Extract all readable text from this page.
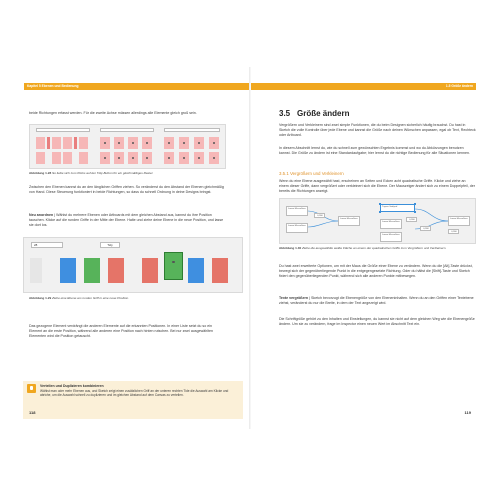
Kapitel 5 Ebenen und Bedienung
beide Richtungen erfasst werden. Für die zweite Achse müssen allerdings alle Elemente gleich groß sein.
Abbildung 1.28 So ließe sich zum Klicks auf der Tidy-Button für ein gleichmäßiges Raster
Zwischen den Ebenen kannst du an den länglichen Griffen ziehen. So veränderst du den Abstand der Ebenen gleichmäßig von Hand. Diese Steuerung funktioniert in beide Richtungen, so dass du schnell Ordnung in deine Designs bringst.
Neu anordnen | Wählst du mehrere Ebenen oder Artboards mit dem gleichen Abstand aus, kannst du ihre Position tauschen. Klicke auf die runden Griffe in der Mitte der Ebene. Halte und ziehe deine Ebene in die neue Position, und lasse sie dort los.
28	Tidy
Abbildung 1.29 Ziehe eine Ebene am runden Griff in eine neue Position.
Das gezogene Element verdrängt die anderen Elemente auf die erkannten Positionen. In einer Liste setzt du so ein Element an die erste Position, während alle anderen eine Position nach hinten rutschen. Bei nur zwei ausgewählten Elementen wird die Position getauscht.
Verteilen und Duplizieren kombinieren
Wählst man oder mehr Ebenen aus, und Sketch zeigt einen zusätzlichen Griff an der unteren rechten Tide die Auswahl am Klicke und abriche, um die Auswahl schnell zu duplizieren und im gleichen Abstand auf dem Canvas zu verteilen.
118
1.5 Größe ändern
3.5 Größe ändern
Vergrößern und Verkleinern sind zwei simple Funktionen, die du beim Designen sicherlich häufig brauchst. Du hast in Sketch die volle Kontrolle über jede Ebene und kannst die Größe nach deinen Wünschen anpassen, egal ob Text, Rechteck oder Artboard.
In diesem Abschnitt lernst du, wie du schnell zum gewünschten Ergebnis kommst und wo du Abkürzungen benutzen kannst. Die Größe zu ändern ist eine Standardaufgabe; hier lernst du die richtige Bedienung für alle Situationen kennen.
3.5.1 Vergrößern und Verkleinern
Wenn du eine Ebene ausgewählt hast, erscheinen an Seiten und Ecken acht quadratische Griffe. Klicke und ziehe an einem dieser Griffe, dann vergrößert oder verkleinert sich die Ebene. Der Mauszeiger ändert sich zu einem Doppelpfeil, der bereits die Richtungen anzeigt.
Lorem Maccellens
Lorem Maccellens
0,900
Lorem Maccellens
Tuyere Sadipcd
Lorem Maccellens
0,900
Lorem Maccellens
0,900
Lorem Maccellens
0,900
Abbildung 1.30 Ziehe die ausgewählte weiße Fläche an einem der quadratischen Griffe zum Vergrößern und Verkleinern.
Du hast zwei erweiterte Optionen, um mit der Maus die Größe einer Ebene zu verändern. Wenn du die [Alt]-Taste drückst, bewegt sich der gegenüberliegende Punkt in die entgegengesetzte Richtung. Oder du hältst die [Shift]-Taste und Sketch fixiert den gegenüberliegenden Punkt, während sich alle anderen Punkte mitbewegen.
Texte vergrößern | Sketch bevorzugt die Ebenengröße von den Ebeneninhalten. Wenn du an den Griffen einer Textebene ziehst, veränderst du nur die Breite, in dem der Text angezeigt wird.
Die Schriftgröße gehört zu den Inhalten und Einstellungen, du kannst sie nicht auf dem gleichen Weg wie die Ebenengröße ändern. Um sie zu verändern, frage im Inspector einen neuen Wert im Abschnitt Text ein.
119
